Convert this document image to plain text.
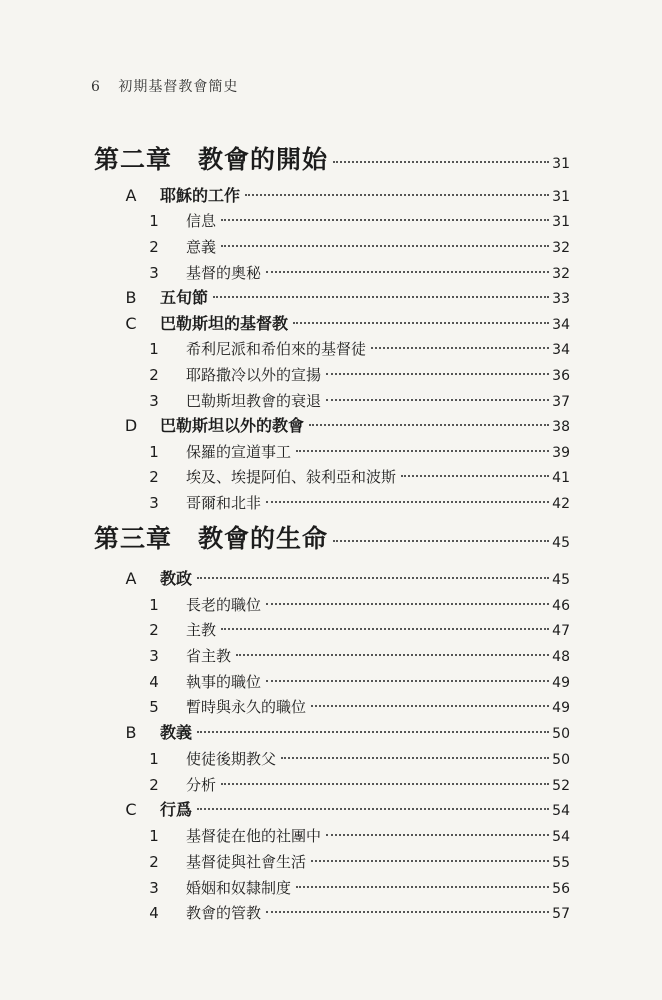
6 初期基督教會簡史
第二章　教會的開始	31
A	耶穌的工作	31
1	信息	31
2	意義	32
3	基督的奧秘	32
B	五旬節	33
C	巴勒斯坦的基督教	34
1	希利尼派和希伯來的基督徒	34
2	耶路撒冷以外的宣揚	36
3	巴勒斯坦教會的衰退	37
D	巴勒斯坦以外的教會	38
1	保羅的宣道事工	39
2	埃及、埃提阿伯、敍利亞和波斯	41
3	哥爾和北非	42
第三章　教會的生命	45
A	教政	45
1	長老的職位	46
2	主教	47
3	省主教	48
4	執事的職位	49
5	暫時與永久的職位	49
B	教義	50
1	使徒後期教父	50
2	分析	52
C	行爲	54
1	基督徒在他的社團中	54
2	基督徒與社會生活	55
3	婚姻和奴隸制度	56
4	教會的管教	57
